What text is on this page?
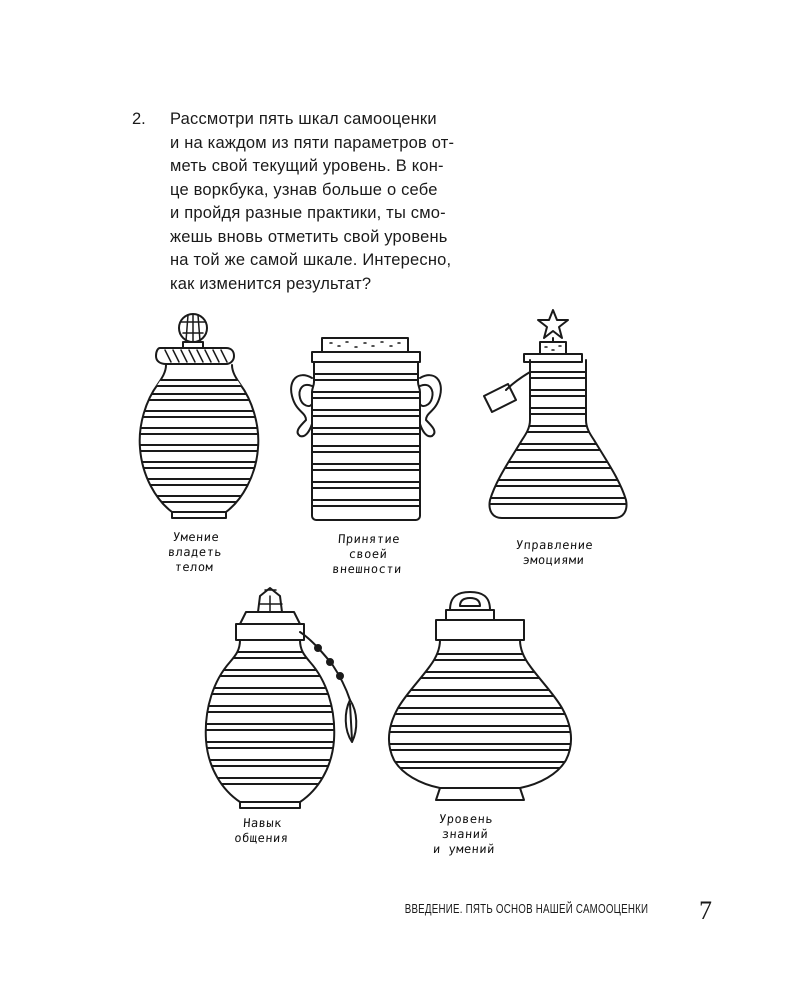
2. Рассмотри пять шкал самооценки
и на каждом из пяти параметров от-
меть свой текущий уровень. В кон-
це воркбука, узнав больше о себе
и пройдя разные практики, ты смо-
жешь вновь отметить свой уровень
на той же самой шкале. Интересно,
как изменится результат?
Умение
владеть
телом
Принятие
своей
внешности
Управление
эмоциями
Навык
общения
Уровень
знаний
и умений
ВВЕДЕНИЕ. ПЯТЬ ОСНОВ НАШЕЙ САМООЦЕНКИ 7
